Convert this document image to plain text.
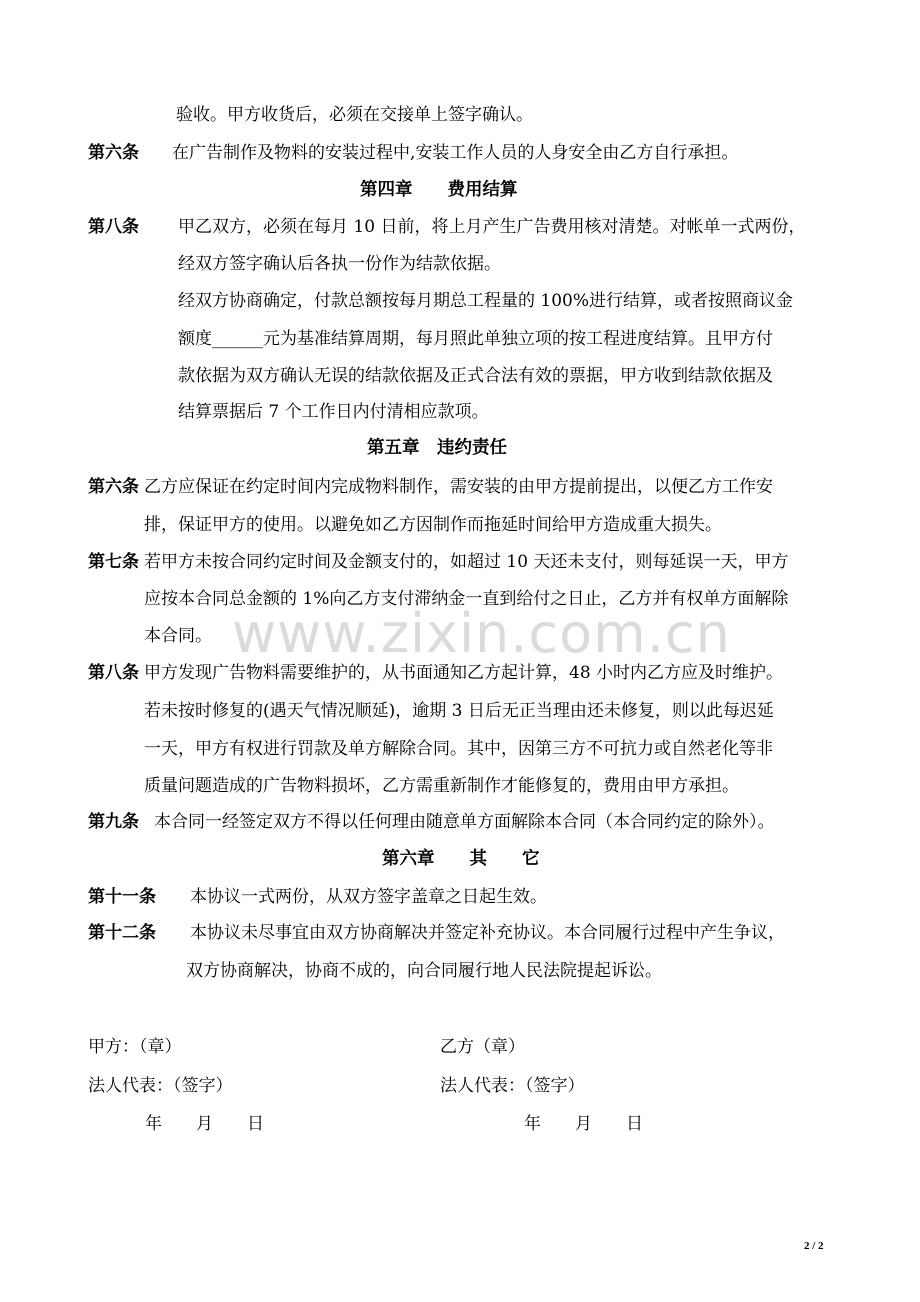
www.zixin.com.cn
验收。甲方收货后，必须在交接单上签字确认。
第六条 在广告制作及物料的安装过程中,安装工作人员的人身安全由乙方自行承担。
第四章　　费用结算
第八条 甲乙双方，必须在每月 10 日前，将上月产生广告费用核对清楚。对帐单一式两份，
经双方签字确认后各执一份作为结款依据。
经双方协商确定，付款总额按每月期总工程量的 100%进行结算，或者按照商议金
额度______元为基准结算周期，每月照此单独立项的按工程进度结算。且甲方付
款依据为双方确认无误的结款依据及正式合法有效的票据，甲方收到结款依据及
结算票据后 7 个工作日内付清相应款项。
第五章　违约责任
第六条 乙方应保证在约定时间内完成物料制作，需安装的由甲方提前提出，以便乙方工作安
排，保证甲方的使用。以避免如乙方因制作而拖延时间给甲方造成重大损失。
第七条 若甲方未按合同约定时间及金额支付的，如超过 10 天还未支付，则每延误一天，甲方
应按本合同总金额的 1%向乙方支付滞纳金一直到给付之日止，乙方并有权单方面解除
本合同。
第八条 甲方发现广告物料需要维护的，从书面通知乙方起计算，48 小时内乙方应及时维护。
若未按时修复的(遇天气情况顺延)，逾期 3 日后无正当理由还未修复，则以此每迟延
一天，甲方有权进行罚款及单方解除合同。其中，因第三方不可抗力或自然老化等非
质量问题造成的广告物料损坏，乙方需重新制作才能修复的，费用由甲方承担。
第九条 本合同一经签定双方不得以任何理由随意单方面解除本合同（本合同约定的除外）。
第六章　　其　　它
第十一条 本协议一式两份，从双方签字盖章之日起生效。
第十二条 本协议未尽事宜由双方协商解决并签定补充协议。本合同履行过程中产生争议，
双方协商解决，协商不成的，向合同履行地人民法院提起诉讼。
甲方：（章）	乙方（章）
法人代表：（签字）	法人代表：（签字）
年　　月　　日	年　　月　　日
2 / 2
